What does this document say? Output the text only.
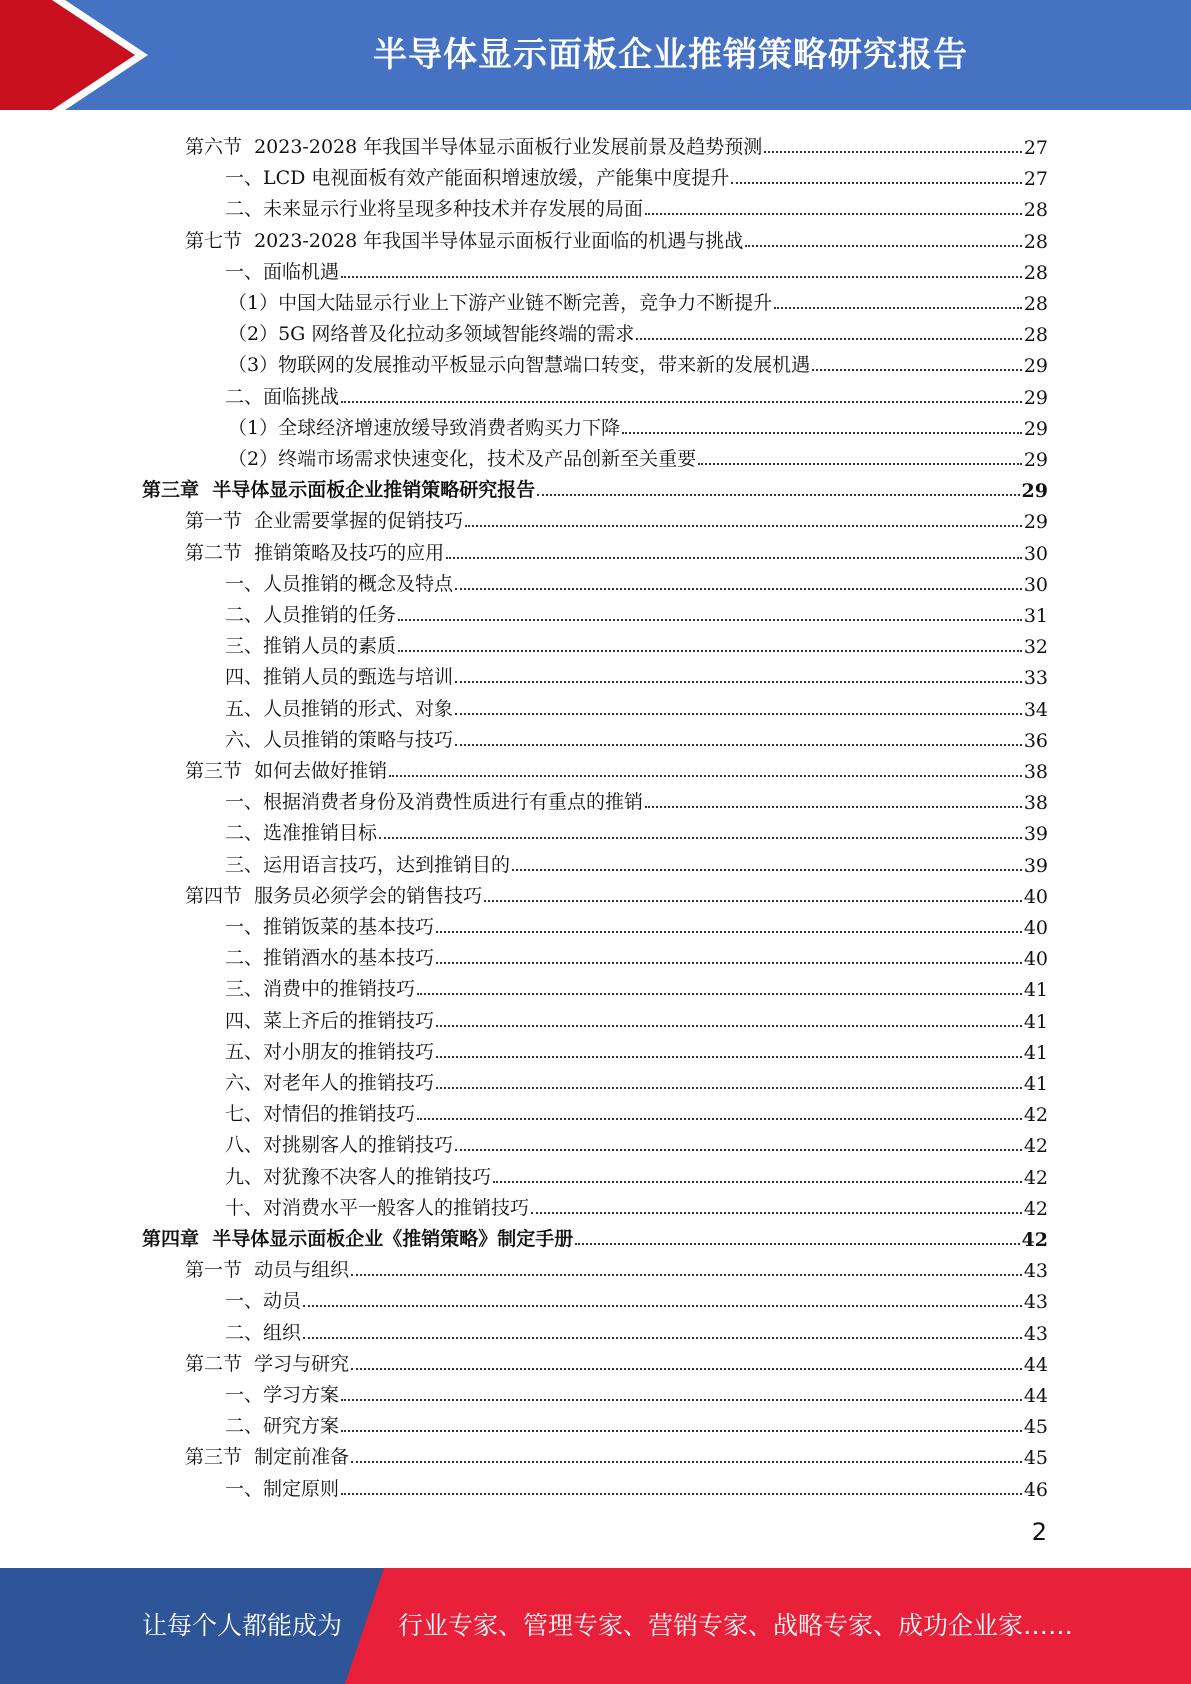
半导体显示面板企业推销策略研究报告
第六节  2023-2028 年我国半导体显示面板行业发展前景及趋势预测	27
一、LCD 电视面板有效产能面积增速放缓，产能集中度提升	27
二、未来显示行业将呈现多种技术并存发展的局面	28
第七节  2023-2028 年我国半导体显示面板行业面临的机遇与挑战	28
一、面临机遇	28
（1）中国大陆显示行业上下游产业链不断完善，竞争力不断提升	28
（2）5G 网络普及化拉动多领域智能终端的需求	28
（3）物联网的发展推动平板显示向智慧端口转变，带来新的发展机遇	29
二、面临挑战	29
（1）全球经济增速放缓导致消费者购买力下降	29
（2）终端市场需求快速变化，技术及产品创新至关重要	29
第三章  半导体显示面板企业推销策略研究报告	29
第一节  企业需要掌握的促销技巧	29
第二节  推销策略及技巧的应用	30
一、人员推销的概念及特点	30
二、人员推销的任务	31
三、推销人员的素质	32
四、推销人员的甄选与培训	33
五、人员推销的形式、对象	34
六、人员推销的策略与技巧	36
第三节  如何去做好推销	38
一、根据消费者身份及消费性质进行有重点的推销	38
二、选准推销目标	39
三、运用语言技巧，达到推销目的	39
第四节  服务员必须学会的销售技巧	40
一、推销饭菜的基本技巧	40
二、推销酒水的基本技巧	40
三、消费中的推销技巧	41
四、菜上齐后的推销技巧	41
五、对小朋友的推销技巧	41
六、对老年人的推销技巧	41
七、对情侣的推销技巧	42
八、对挑剔客人的推销技巧	42
九、对犹豫不决客人的推销技巧	42
十、对消费水平一般客人的推销技巧	42
第四章  半导体显示面板企业《推销策略》制定手册	42
第一节  动员与组织	43
一、动员	43
二、组织	43
第二节  学习与研究	44
一、学习方案	44
二、研究方案	45
第三节  制定前准备	45
一、制定原则	46
2
让每个人都能成为 行业专家、管理专家、营销专家、战略专家、成功企业家……
